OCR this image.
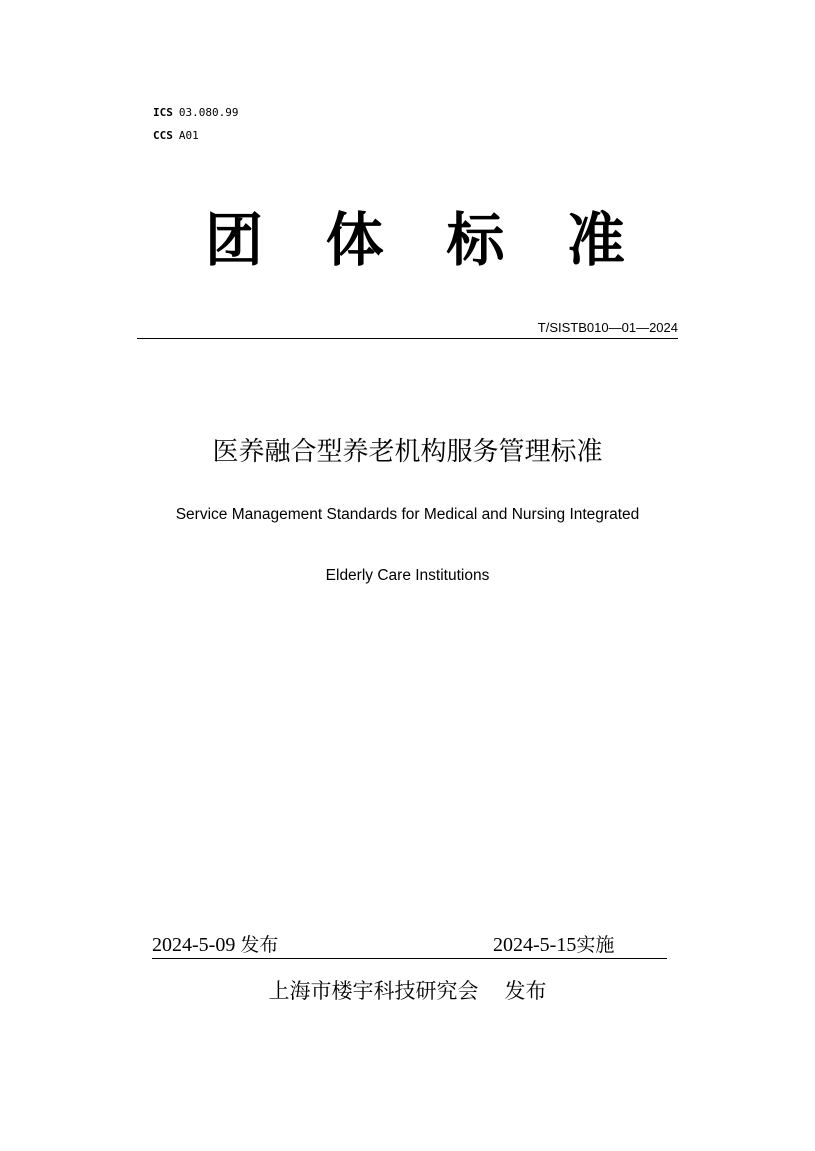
ICS 03.080.99
CCS A01
团 体 标 准
T/SISTB010—01—2024
医养融合型养老机构服务管理标准
Service Management Standards for Medical and Nursing Integrated
Elderly Care Institutions
2024-5-09 发布	2024-5-15实施
上海市楼宇科技研究会 发布
